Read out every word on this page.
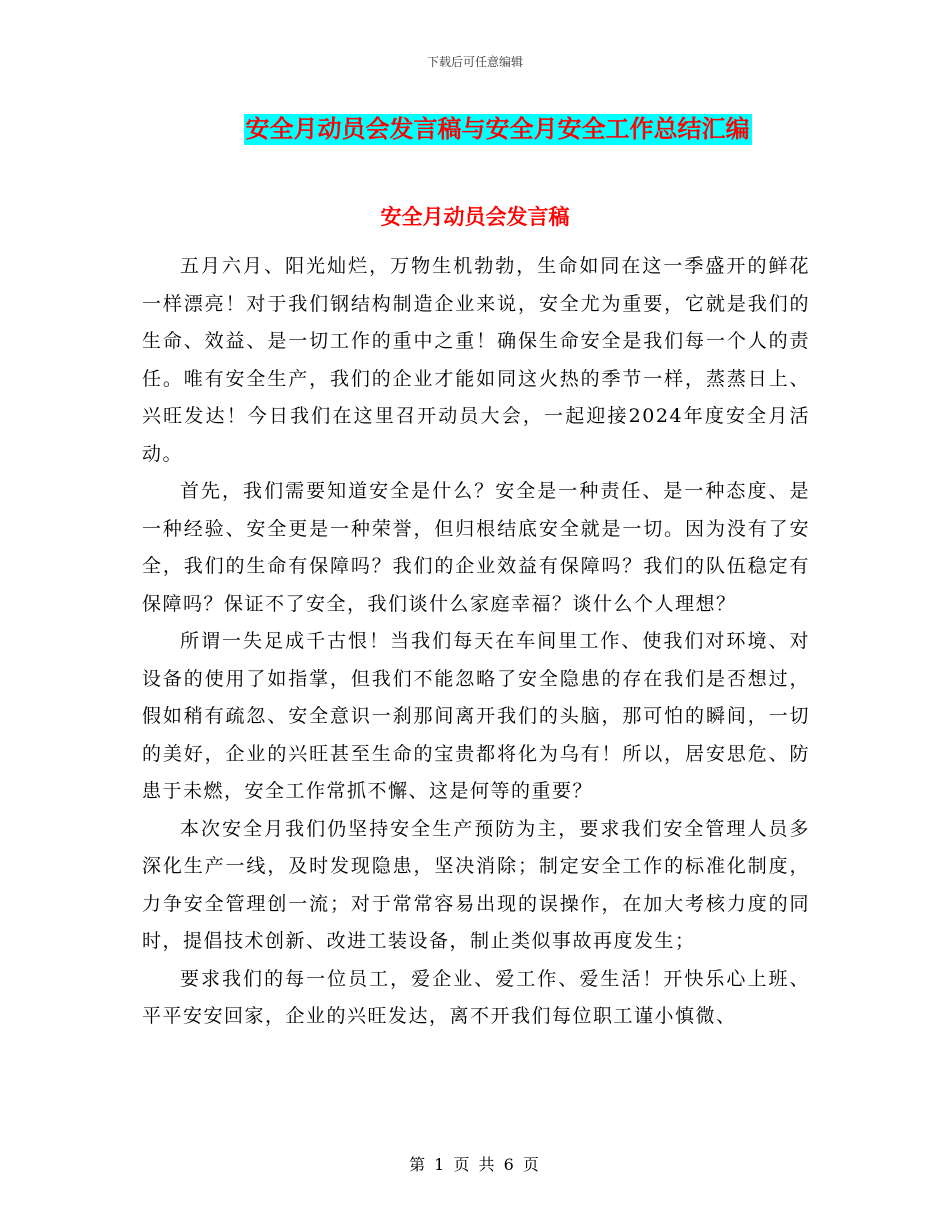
下载后可任意编辑
安全月动员会发言稿与安全月安全工作总结汇编
安全月动员会发言稿

五月六月、阳光灿烂，万物生机勃勃，生命如同在这一季盛开的鲜花一样漂亮！对于我们钢结构制造企业来说，安全尤为重要，它就是我们的生命、效益、是一切工作的重中之重！确保生命安全是我们每一个人的责任。唯有安全生产，我们的企业才能如同这火热的季节一样，蒸蒸日上、兴旺发达！今日我们在这里召开动员大会，一起迎接2024年度安全月活动。

首先，我们需要知道安全是什么？安全是一种责任、是一种态度、是一种经验、安全更是一种荣誉，但归根结底安全就是一切。因为没有了安全，我们的生命有保障吗？我们的企业效益有保障吗？我们的队伍稳定有保障吗？保证不了安全，我们谈什么家庭幸福？谈什么个人理想？

所谓一失足成千古恨！当我们每天在车间里工作、使我们对环境、对设备的使用了如指掌，但我们不能忽略了安全隐患的存在我们是否想过，假如稍有疏忽、安全意识一刹那间离开我们的头脑，那可怕的瞬间，一切的美好，企业的兴旺甚至生命的宝贵都将化为乌有！所以，居安思危、防患于未燃，安全工作常抓不懈、这是何等的重要？

本次安全月我们仍坚持安全生产预防为主，要求我们安全管理人员多深化生产一线，及时发现隐患，坚决消除；制定安全工作的标准化制度，力争安全管理创一流；对于常常容易出现的误操作，在加大考核力度的同时，提倡技术创新、改进工装设备，制止类似事故再度发生；

要求我们的每一位员工，爱企业、爱工作、爱生活！开快乐心上班、平平安安回家，企业的兴旺发达，离不开我们每位职工谨小慎微、

第 1 页 共 6 页
